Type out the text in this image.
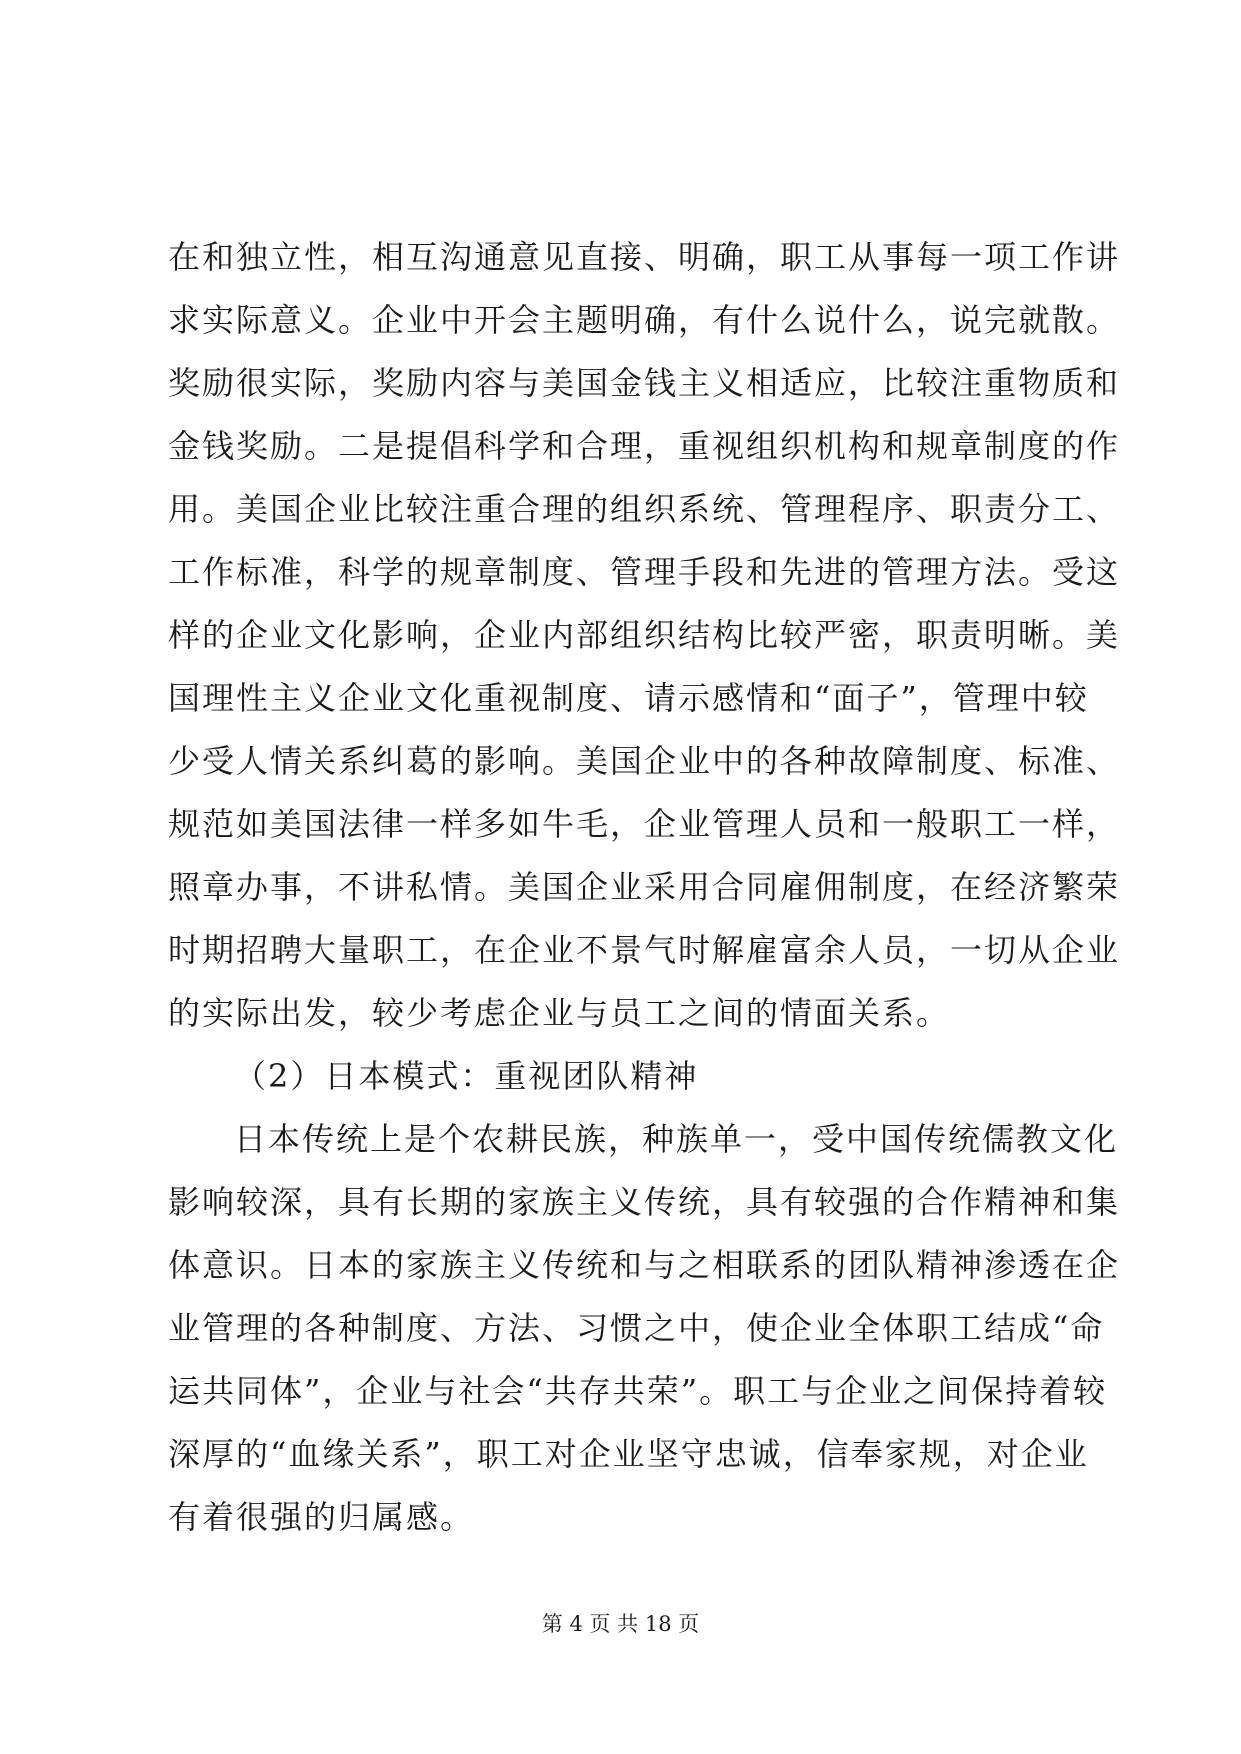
在和独立性，相互沟通意见直接、明确，职工从事每一项工作讲
求实际意义。企业中开会主题明确，有什么说什么，说完就散。
奖励很实际，奖励内容与美国金钱主义相适应，比较注重物质和
金钱奖励。二是提倡科学和合理，重视组织机构和规章制度的作
用。美国企业比较注重合理的组织系统、管理程序、职责分工、
工作标准，科学的规章制度、管理手段和先进的管理方法。受这
样的企业文化影响，企业内部组织结构比较严密，职责明晰。美
国理性主义企业文化重视制度、请示感情和“面子”，管理中较
少受人情关系纠葛的影响。美国企业中的各种故障制度、标准、
规范如美国法律一样多如牛毛，企业管理人员和一般职工一样，
照章办事，不讲私情。美国企业采用合同雇佣制度，在经济繁荣
时期招聘大量职工，在企业不景气时解雇富余人员，一切从企业
的实际出发，较少考虑企业与员工之间的情面关系。
（2）日本模式：重视团队精神
日本传统上是个农耕民族，种族单一，受中国传统儒教文化
影响较深，具有长期的家族主义传统，具有较强的合作精神和集
体意识。日本的家族主义传统和与之相联系的团队精神渗透在企
业管理的各种制度、方法、习惯之中，使企业全体职工结成“命
运共同体”，企业与社会“共存共荣”。职工与企业之间保持着较
深厚的“血缘关系”，职工对企业坚守忠诚，信奉家规，对企业
有着很强的归属感。
第 4 页 共 18 页
